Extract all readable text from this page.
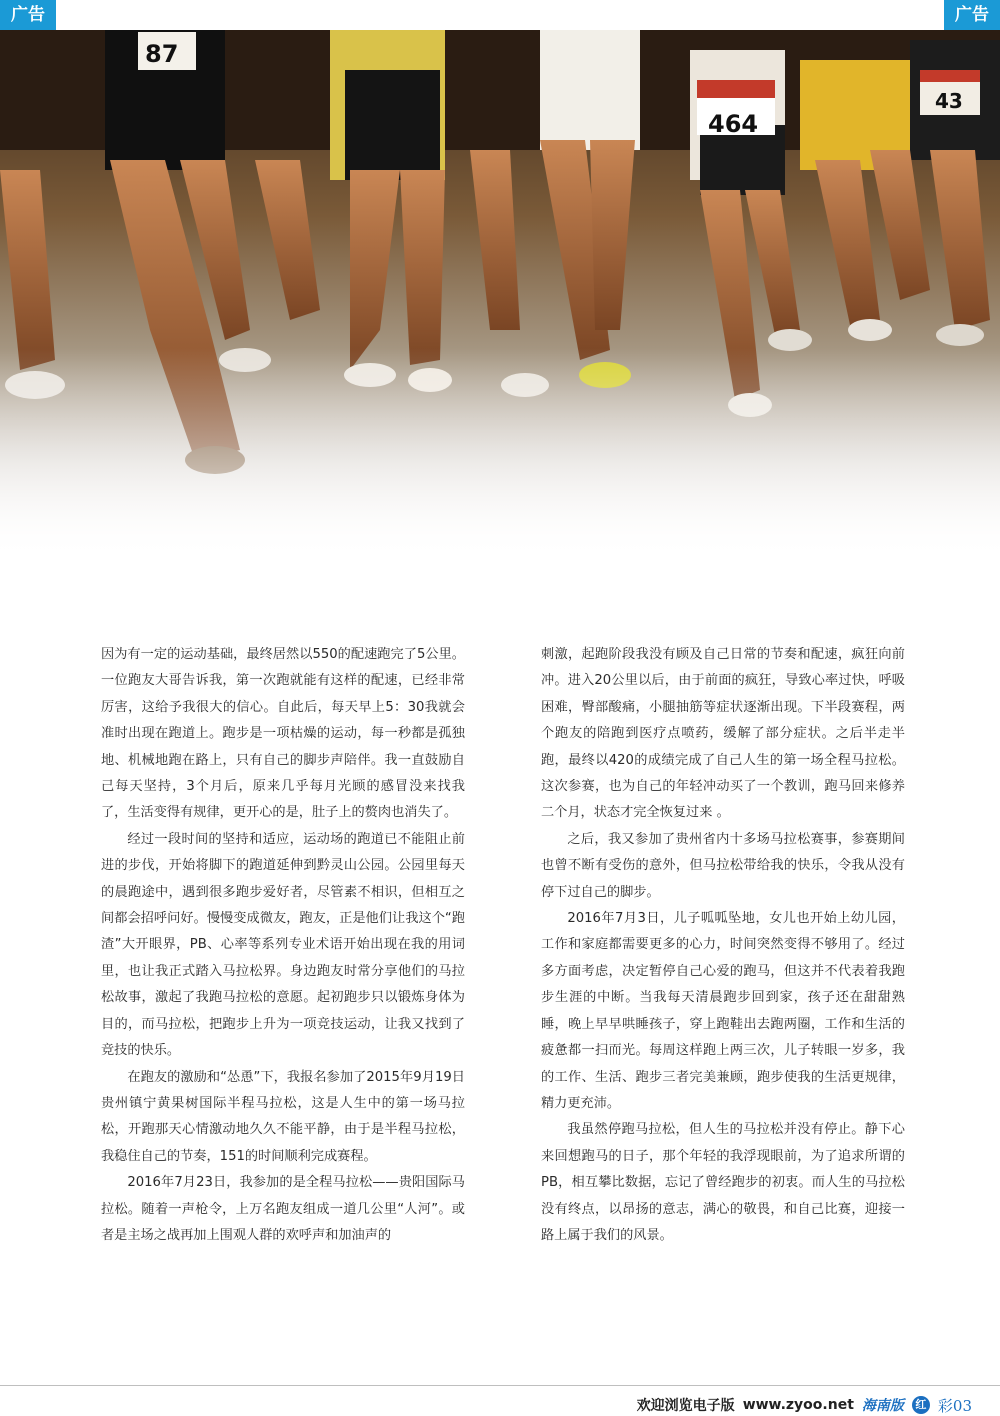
广告	广告

因为有一定的运动基础，最终居然以550的配速跑完了5公里。一位跑友大哥告诉我，第一次跑就能有这样的配速，已经非常厉害，这给予我很大的信心。自此后，每天早上5：30我就会准时出现在跑道上。跑步是一项枯燥的运动，每一秒都是孤独地、机械地跑在路上，只有自己的脚步声陪伴。我一直鼓励自己每天坚持，3个月后，原来几乎每月光顾的感冒没来找我了，生活变得有规律，更开心的是，肚子上的赘肉也消失了。

经过一段时间的坚持和适应，运动场的跑道已不能阻止前进的步伐，开始将脚下的跑道延伸到黔灵山公园。公园里每天的晨跑途中，遇到很多跑步爱好者，尽管素不相识，但相互之间都会招呼问好。慢慢变成微友，跑友，正是他们让我这个“跑渣”大开眼界，PB、心率等系列专业术语开始出现在我的用词里，也让我正式踏入马拉松界。身边跑友时常分享他们的马拉松故事，激起了我跑马拉松的意愿。起初跑步只以锻炼身体为目的，而马拉松，把跑步上升为一项竞技运动，让我又找到了竞技的快乐。

在跑友的激励和“怂恿”下，我报名参加了2015年9月19日贵州镇宁黄果树国际半程马拉松，这是人生中的第一场马拉松，开跑那天心情激动地久久不能平静，由于是半程马拉松，我稳住自己的节奏，151的时间顺利完成赛程。

2016年7月23日，我参加的是全程马拉松——贵阳国际马拉松。随着一声枪令，上万名跑友组成一道几公里“人河”。或者是主场之战再加上围观人群的欢呼声和加油声的

刺激，起跑阶段我没有顾及自己日常的节奏和配速，疯狂向前冲。进入20公里以后，由于前面的疯狂，导致心率过快，呼吸困难，臀部酸痛，小腿抽筋等症状逐渐出现。下半段赛程，两个跑友的陪跑到医疗点喷药，缓解了部分症状。之后半走半跑，最终以420的成绩完成了自己人生的第一场全程马拉松。这次参赛，也为自己的年轻冲动买了一个教训，跑马回来修养二个月，状态才完全恢复过来 。

之后，我又参加了贵州省内十多场马拉松赛事，参赛期间也曾不断有受伤的意外，但马拉松带给我的快乐，令我从没有停下过自己的脚步。

2016年7月3日，儿子呱呱坠地，女儿也开始上幼儿园，工作和家庭都需要更多的心力，时间突然变得不够用了。经过多方面考虑，决定暂停自己心爱的跑马，但这并不代表着我跑步生涯的中断。当我每天清晨跑步回到家，孩子还在甜甜熟睡，晚上早早哄睡孩子，穿上跑鞋出去跑两圈，工作和生活的疲惫都一扫而光。每周这样跑上两三次，儿子转眼一岁多，我的工作、生活、跑步三者完美兼顾，跑步使我的生活更规律，精力更充沛。

我虽然停跑马拉松，但人生的马拉松并没有停止。静下心来回想跑马的日子，那个年轻的我浮现眼前，为了追求所谓的PB，相互攀比数据，忘记了曾经跑步的初衷。而人生的马拉松没有终点，以昂扬的意志，满心的敬畏，和自己比赛，迎接一路上属于我们的风景。

欢迎浏览电子版 www.zyoo.net 海南版	红 彩03
